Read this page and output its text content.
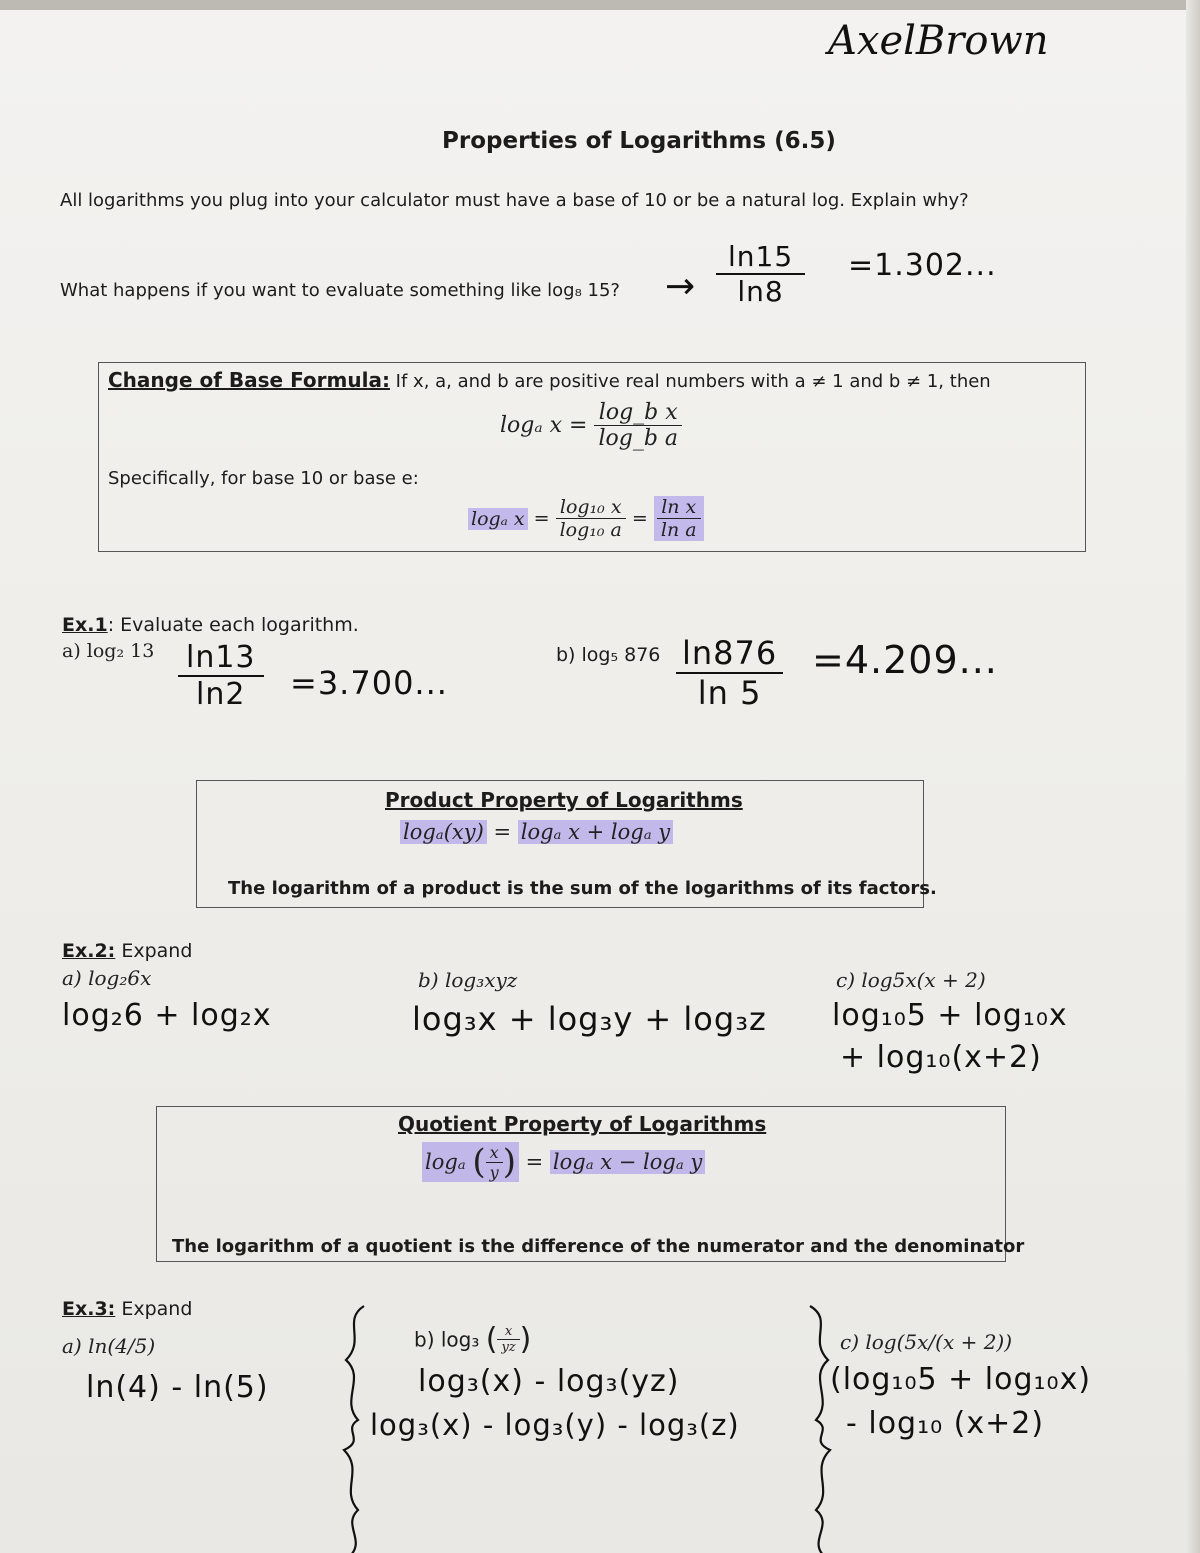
AxelBrown
Properties of Logarithms (6.5)
All logarithms you plug into your calculator must have a base of 10 or be a natural log. Explain why?
What happens if you want to evaluate something like log₈ 15? → $\frac{\ln 15}{\ln 8} =1.302$...
Change of Base Formula: If x, a, and b are positive real numbers with a ≠ 1 and b ≠ 1, then
logₐ $x = \frac{\text{log\_b x}}{\text{log\_b a}}$
Specifically, for base 10 or base e:
logₐ $x = \frac{\text{log₁₀ x}}{\text{log₁₀ a}} = \frac{\text{ln x}}{\text{ln a}}$
Ex.1: Evaluate each logarithm.
a) log₂ $13 \frac{\ln 13}{\ln 2} =3.700$...
b) log₅ $876 \frac{\ln 876}{\ln 5} =4.209$...
Product Property of Logarithms
logₐ(xy) = logₐ x + logₐ y
The logarithm of a product is the sum of the logarithms of its factors.
Ex.2: Expand
a) log₂6x
log₂6 + log₂x
b) log₃xyz
log₃x + log₃y + log₃z
c) log5x(x + 2)
log₁₀5 + log₁₀x
+ log₁₀(x+2)
Quotient Property of Logarithms
logₐ ( $\frac{x}{y}$ ) = logₐ x − logₐ y
The logarithm of a quotient is the difference of the numerator and the denominator
Ex.3: Expand
a) ln(4/5)
ln(4) - ln(5)
b) log₃ ( $\frac{x}{yz}$ )
log₃(x) - log₃(yz)
log₃(x) - log₃(y) - log₃(z)
c) log(5x/(x + 2))
(log₁₀5 + log₁₀x)
- log₁₀ (x+2)
